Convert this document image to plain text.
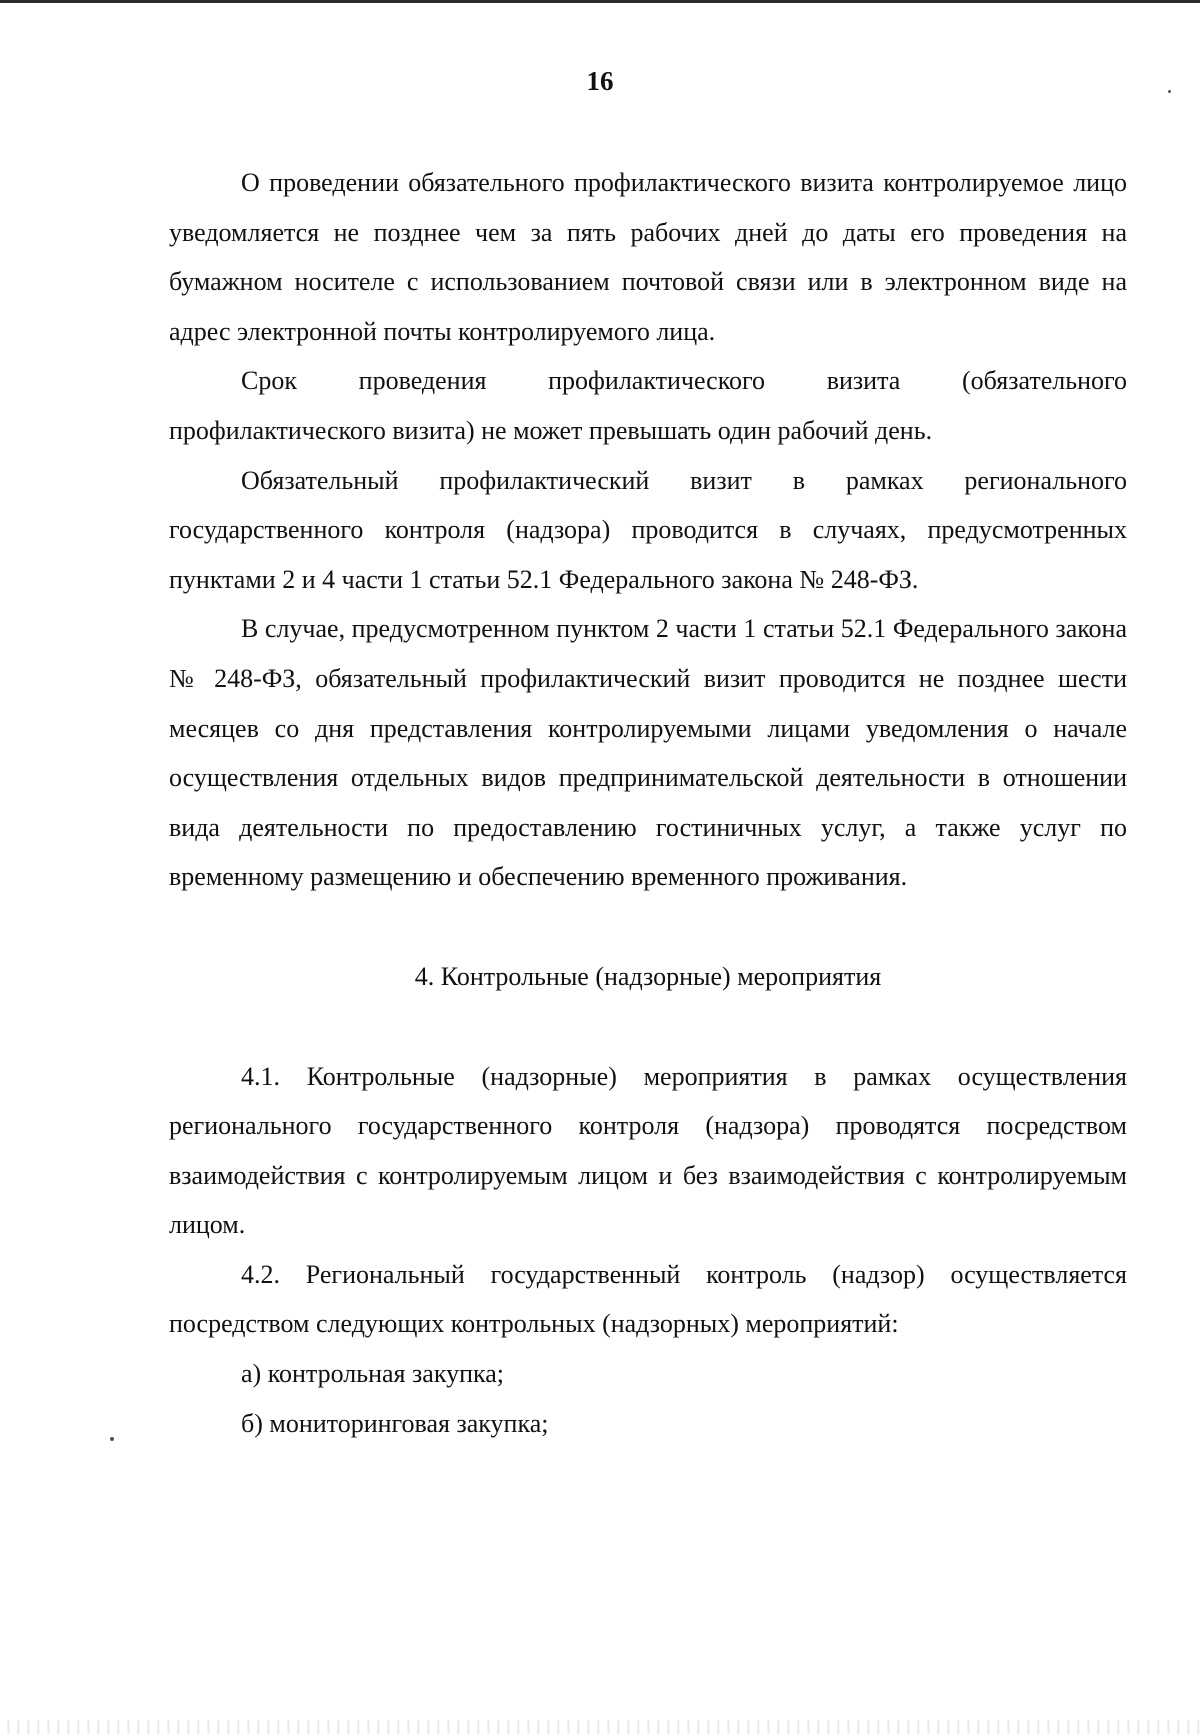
16

О проведении обязательного профилактического визита контролируемое лицо уведомляется не позднее чем за пять рабочих дней до даты его проведения на бумажном носителе с использованием почтовой связи или в электронном виде на адрес электронной почты контролируемого лица.

Срок проведения профилактического визита (обязательного профилактического визита) не может превышать один рабочий день.

Обязательный профилактический визит в рамках регионального государственного контроля (надзора) проводится в случаях, предусмотренных пунктами 2 и 4 части 1 статьи 52.1 Федерального закона № 248-ФЗ.

В случае, предусмотренном пунктом 2 части 1 статьи 52.1 Федерального закона № 248-ФЗ, обязательный профилактический визит проводится не позднее шести месяцев со дня представления контролируемыми лицами уведомления о начале осуществления отдельных видов предпринимательской деятельности в отношении вида деятельности по предоставлению гостиничных услуг, а также услуг по временному размещению и обеспечению временного проживания.

4. Контрольные (надзорные) мероприятия

4.1. Контрольные (надзорные) мероприятия в рамках осуществления регионального государственного контроля (надзора) проводятся посредством взаимодействия с контролируемым лицом и без взаимодействия с контролируемым лицом.

4.2. Региональный государственный контроль (надзор) осуществляется посредством следующих контрольных (надзорных) мероприятий:

а) контрольная закупка;

б) мониторинговая закупка;
